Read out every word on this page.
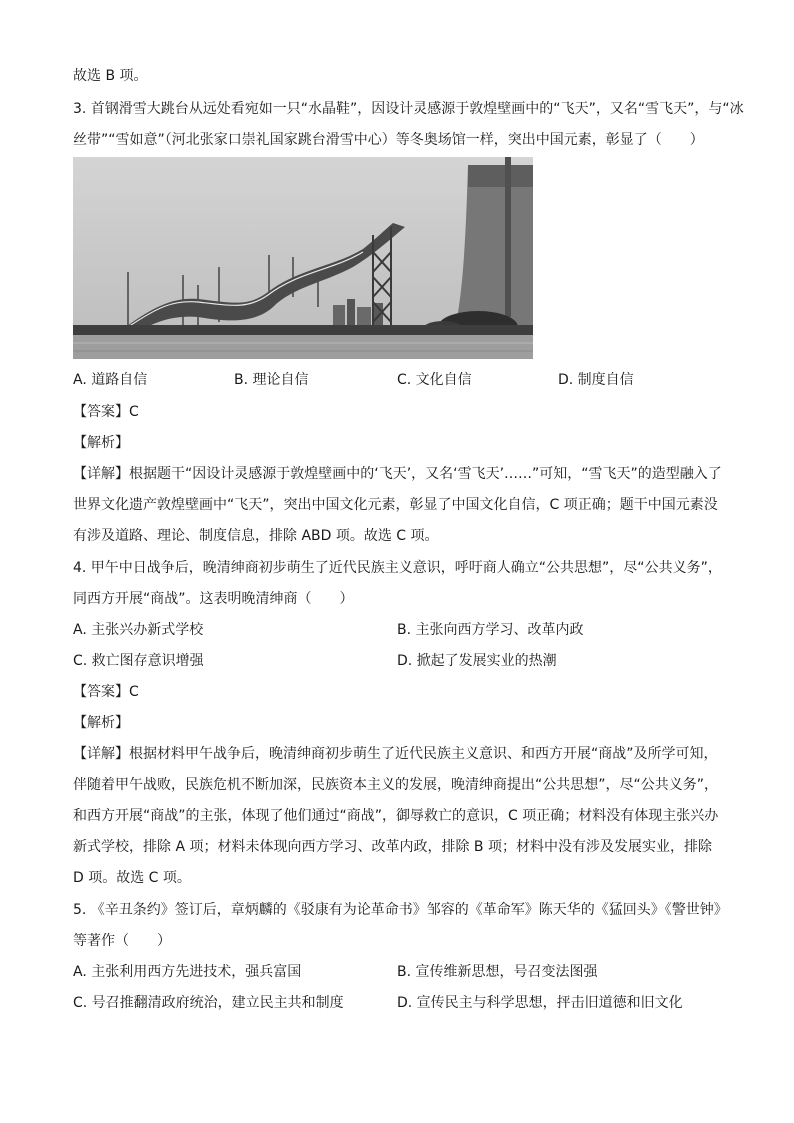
故选 B 项。
3. 首钢滑雪大跳台从远处看宛如一只“水晶鞋”，因设计灵感源于敦煌壁画中的“飞天”，又名“雪飞天”，与“冰
丝带”“雪如意”（河北张家口崇礼国家跳台滑雪中心）等冬奥场馆一样，突出中国元素，彰显了（　　）
A. 道路自信	B. 理论自信	C. 文化自信	D. 制度自信
【答案】C
【解析】
【详解】根据题干“因设计灵感源于敦煌壁画中的‘飞天’，又名‘雪飞天’……”可知，“雪飞天”的造型融入了世界文化遗产敦煌壁画中“飞天”，突出中国文化元素，彰显了中国文化自信，C 项正确；题干中国元素没有涉及道路、理论、制度信息，排除 ABD 项。故选 C 项。
4. 甲午中日战争后，晚清绅商初步萌生了近代民族主义意识，呼吁商人确立“公共思想”，尽“公共义务”，
同西方开展“商战”。这表明晚清绅商（　　）
A. 主张兴办新式学校	B. 主张向西方学习、改革内政
C. 救亡图存意识增强	D. 掀起了发展实业的热潮
【答案】C
【解析】
【详解】根据材料甲午战争后，晚清绅商初步萌生了近代民族主义意识、和西方开展“商战”及所学可知，伴随着甲午战败，民族危机不断加深，民族资本主义的发展，晚清绅商提出“公共思想”，尽“公共义务”，和西方开展“商战”的主张，体现了他们通过“商战”，御辱救亡的意识，C 项正确；材料没有体现主张兴办新式学校，排除 A 项；材料未体现向西方学习、改革内政，排除 B 项；材料中没有涉及发展实业，排除 D 项。故选 C 项。
5. 《辛丑条约》签订后，章炳麟的《驳康有为论革命书》邹容的《革命军》陈天华的《猛回头》《警世钟》
等著作（　　）
A. 主张利用西方先进技术，强兵富国	B. 宣传维新思想，号召变法图强
C. 号召推翻清政府统治，建立民主共和制度	D. 宣传民主与科学思想，抨击旧道德和旧文化
